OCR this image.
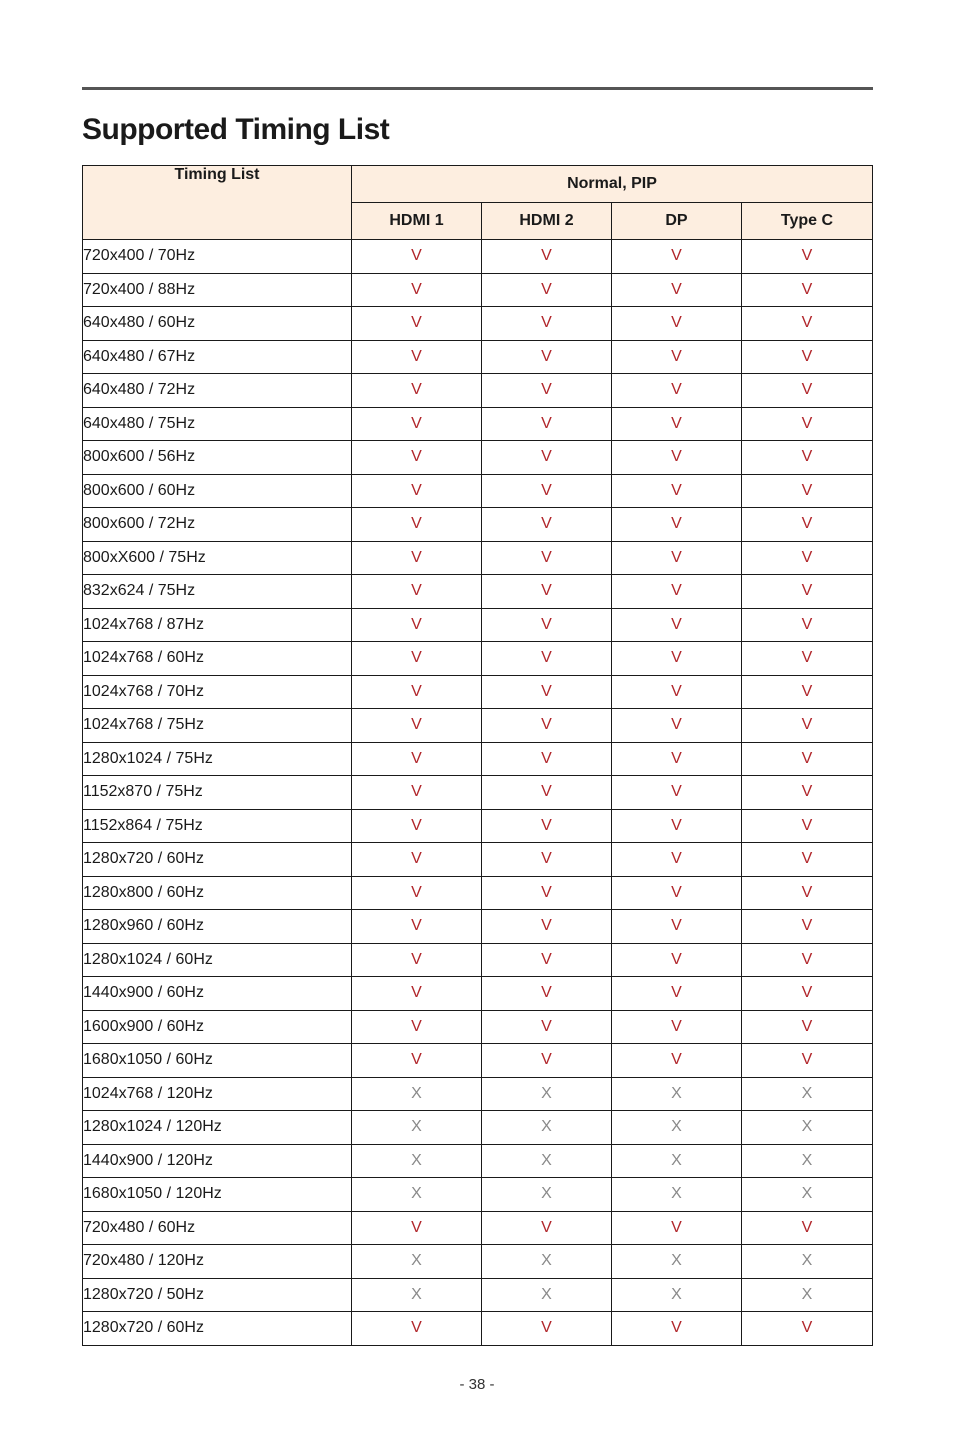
Supported Timing List
Timing List	Normal, PIP			
	HDMI 1	HDMI 2	DP	Type C
720x400 / 70Hz	V	V	V	V
720x400 / 88Hz	V	V	V	V
640x480 / 60Hz	V	V	V	V
640x480 / 67Hz	V	V	V	V
640x480 / 72Hz	V	V	V	V
640x480 / 75Hz	V	V	V	V
800x600 / 56Hz	V	V	V	V
800x600 / 60Hz	V	V	V	V
800x600 / 72Hz	V	V	V	V
800xX600 / 75Hz	V	V	V	V
832x624 / 75Hz	V	V	V	V
1024x768 / 87Hz	V	V	V	V
1024x768 / 60Hz	V	V	V	V
1024x768 / 70Hz	V	V	V	V
1024x768 / 75Hz	V	V	V	V
1280x1024 / 75Hz	V	V	V	V
1152x870 / 75Hz	V	V	V	V
1152x864 / 75Hz	V	V	V	V
1280x720 / 60Hz	V	V	V	V
1280x800 / 60Hz	V	V	V	V
1280x960 / 60Hz	V	V	V	V
1280x1024 / 60Hz	V	V	V	V
1440x900 / 60Hz	V	V	V	V
1600x900 / 60Hz	V	V	V	V
1680x1050 / 60Hz	V	V	V	V
1024x768 / 120Hz	X	X	X	X
1280x1024 / 120Hz	X	X	X	X
1440x900 / 120Hz	X	X	X	X
1680x1050 / 120Hz	X	X	X	X
720x480 / 60Hz	V	V	V	V
720x480 / 120Hz	X	X	X	X
1280x720 / 50Hz	X	X	X	X
1280x720 / 60Hz	V	V	V	V
- 38 -
